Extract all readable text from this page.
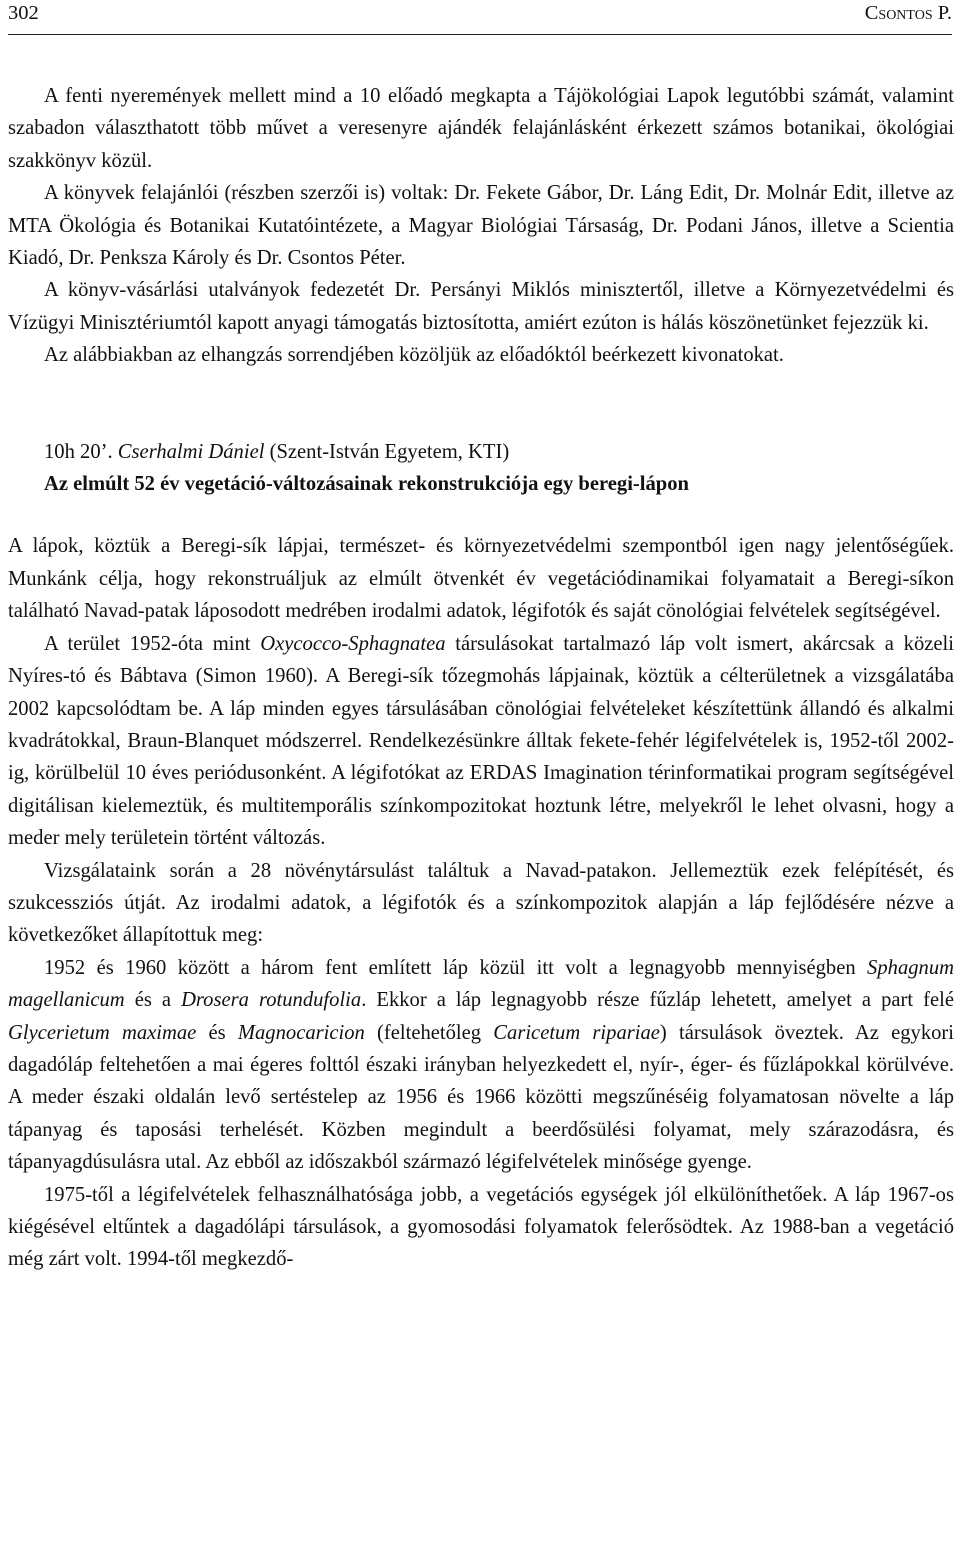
302	Csontos P.

A fenti nyeremények mellett mind a 10 előadó megkapta a Tájökológiai Lapok legutóbbi számát, valamint szabadon választhatott több művet a veresenyre ajándék felajánlásként érkezett számos botanikai, ökológiai szakkönyv közül.

A könyvek felajánlói (részben szerzői is) voltak: Dr. Fekete Gábor, Dr. Láng Edit, Dr. Molnár Edit, illetve az MTA Ökológia és Botanikai Kutatóintézete, a Magyar Biológiai Társaság, Dr. Podani János, illetve a Scientia Kiadó, Dr. Penksza Károly és Dr. Csontos Péter.

A könyv-vásárlási utalványok fedezetét Dr. Persányi Miklós minisztertől, illetve a Környezetvédelmi és Vízügyi Minisztériumtól kapott anyagi támogatás biztosította, amiért ezúton is hálás köszönetünket fejezzük ki.

Az alábbiakban az elhangzás sorrendjében közöljük az előadóktól beérkezett kivonatokat.

10h 20’. Cserhalmi Dániel (Szent-István Egyetem, KTI)

Az elmúlt 52 év vegetáció-változásainak rekonstrukciója egy beregi-lápon

A lápok, köztük a Beregi-sík lápjai, természet- és környezetvédelmi szempontból igen nagy jelentőségűek. Munkánk célja, hogy rekonstruáljuk az elmúlt ötvenkét év vegetációdinamikai folyamatait a Beregi-síkon található Navad-patak láposodott medrében irodalmi adatok, légifotók és saját cönológiai felvételek segítségével.

A terület 1952-óta mint Oxycocco-Sphagnatea társulásokat tartalmazó láp volt ismert, akárcsak a közeli Nyíres-tó és Bábtava (Simon 1960). A Beregi-sík tőzegmohás lápjainak, köztük a célterületnek a vizsgálatába 2002 kapcsolódtam be. A láp minden egyes társulásában cönológiai felvételeket készítettünk állandó és alkalmi kvadrátokkal, Braun-Blanquet módszerrel. Rendelkezésünkre álltak fekete-fehér légifelvételek is, 1952-től 2002-ig, körülbelül 10 éves periódusonként. A légifotókat az ERDAS Imagination térinformatikai program segítségével digitálisan kielemeztük, és multitemporális színkompozitokat hoztunk létre, melyekről le lehet olvasni, hogy a meder mely területein történt változás.

Vizsgálataink során a 28 növénytársulást találtuk a Navad-patakon. Jellemeztük ezek felépítését, és szukcessziós útját. Az irodalmi adatok, a légifotók és a színkompozitok alapján a láp fejlődésére nézve a következőket állapítottuk meg:

1952 és 1960 között a három fent említett láp közül itt volt a legnagyobb mennyiségben Sphagnum magellanicum és a Drosera rotundufolia. Ekkor a láp legnagyobb része fűzláp lehetett, amelyet a part felé Glycerietum maximae és Magnocaricion (feltehetőleg Caricetum ripariae) társulások öveztek. Az egykori dagadóláp feltehetően a mai égeres folttól északi irányban helyezkedett el, nyír-, éger- és fűzlápokkal körülvéve. A meder északi oldalán levő sertéstelep az 1956 és 1966 közötti megszűnéséig folyamatosan növelte a láp tápanyag és taposási terhelését. Közben megindult a beerdősülési folyamat, mely szárazodásra, és tápanyagdúsulásra utal. Az ebből az időszakból származó légifelvételek minősége gyenge.

1975-től a légifelvételek felhasználhatósága jobb, a vegetációs egységek jól elkülöníthetőek. A láp 1967-os kiégésével eltűntek a dagadólápi társulások, a gyomosodási folyamatok felerősödtek. Az 1988-ban a vegetáció még zárt volt. 1994-től megkezdő-
